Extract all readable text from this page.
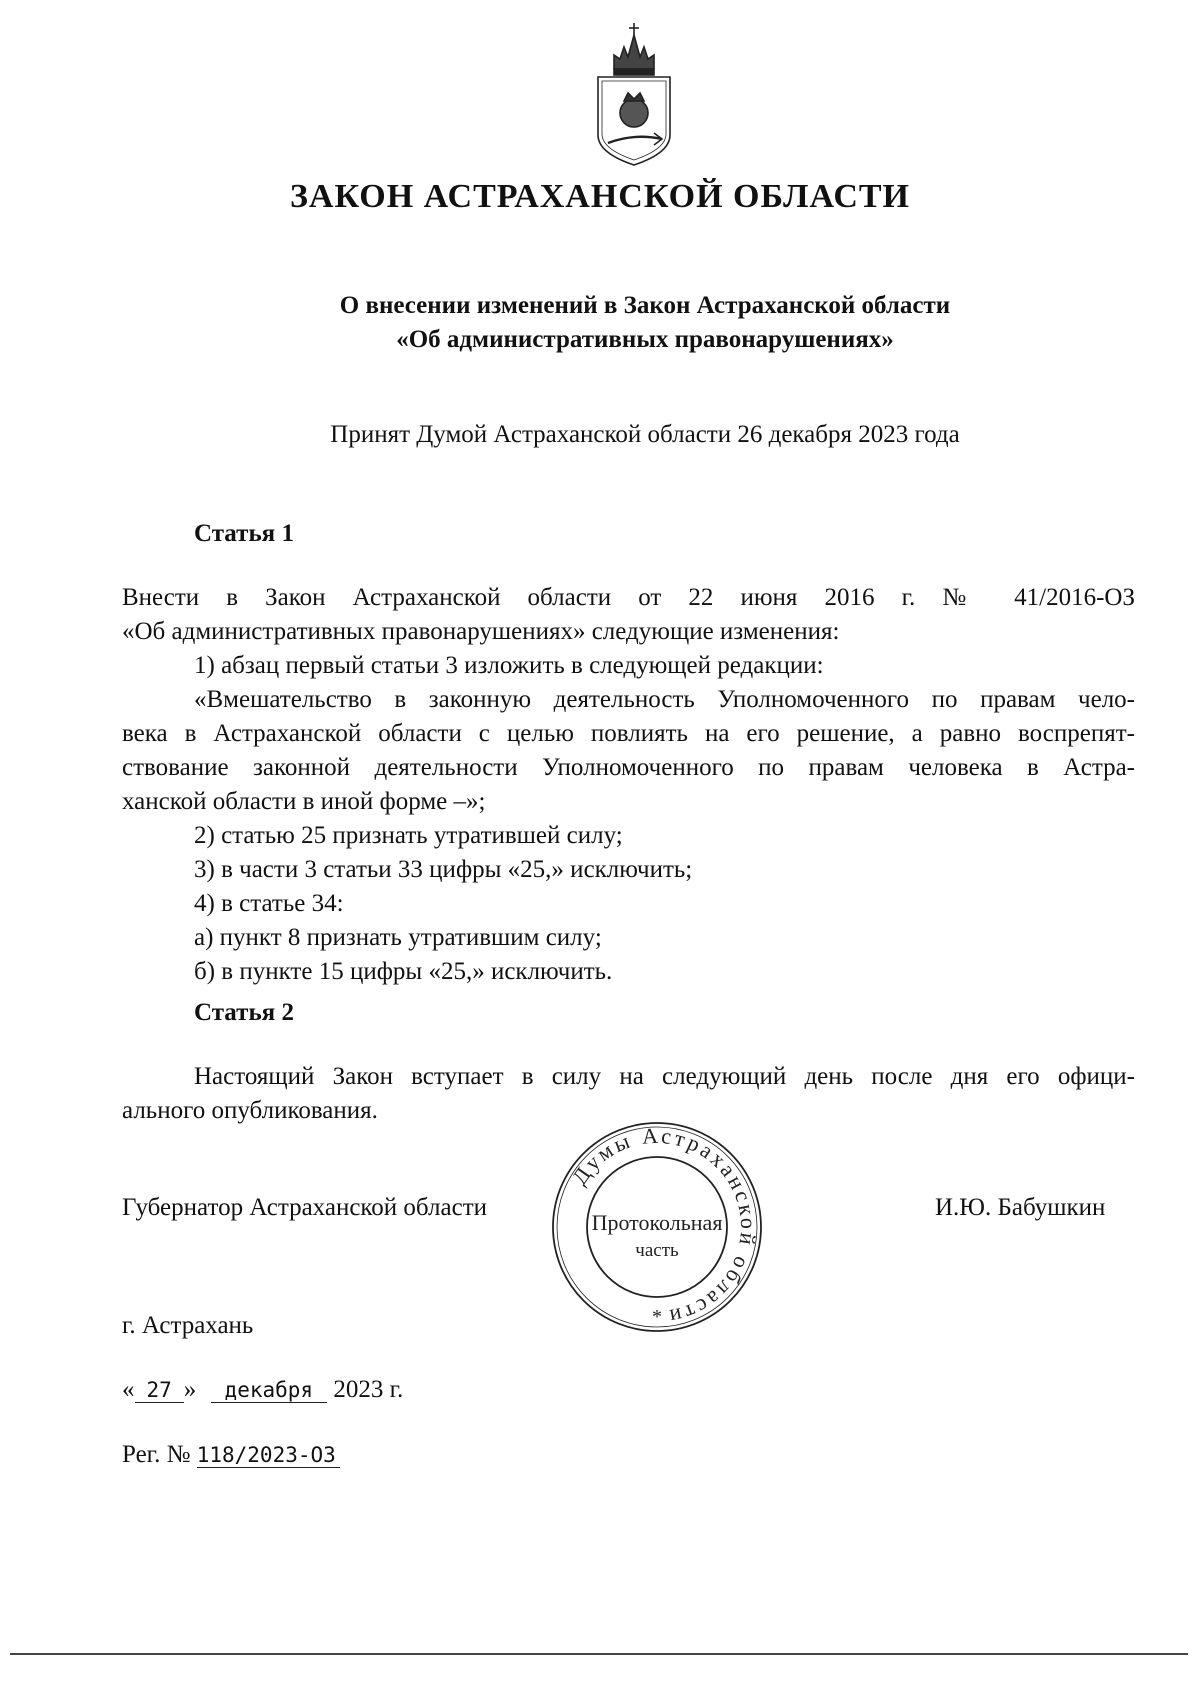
ЗАКОН АСТРАХАНСКОЙ ОБЛАСТИ
О внесении изменений в Закон Астраханской области
«Об административных правонарушениях»
Принят Думой Астраханской области 26 декабря 2023 года
Статья 1
Внести в Закон Астраханской области от 22 июня 2016 г. № 41/2016-ОЗ
«Об административных правонарушениях» следующие изменения:
1) абзац первый статьи 3 изложить в следующей редакции:
«Вмешательство в законную деятельность Уполномоченного по правам чело-
века в Астраханской области с целью повлиять на его решение, а равно воспрепят-
ствование законной деятельности Уполномоченного по правам человека в Астра-
ханской области в иной форме –»;
2) статью 25 признать утратившей силу;
3) в части 3 статьи 33 цифры «25,» исключить;
4) в статье 34:
а) пункт 8 признать утратившим силу;
б) в пункте 15 цифры «25,» исключить.
Статья 2
Настоящий Закон вступает в силу на следующий день после дня его офици-
ального опубликования.
Думы Астраханской области
Протокольная
часть
*
Губернатор Астраханской области	И.Ю. Бабушкин
г. Астрахань
« 27 » декабря 2023 г.
Рег. № 118/2023-ОЗ
